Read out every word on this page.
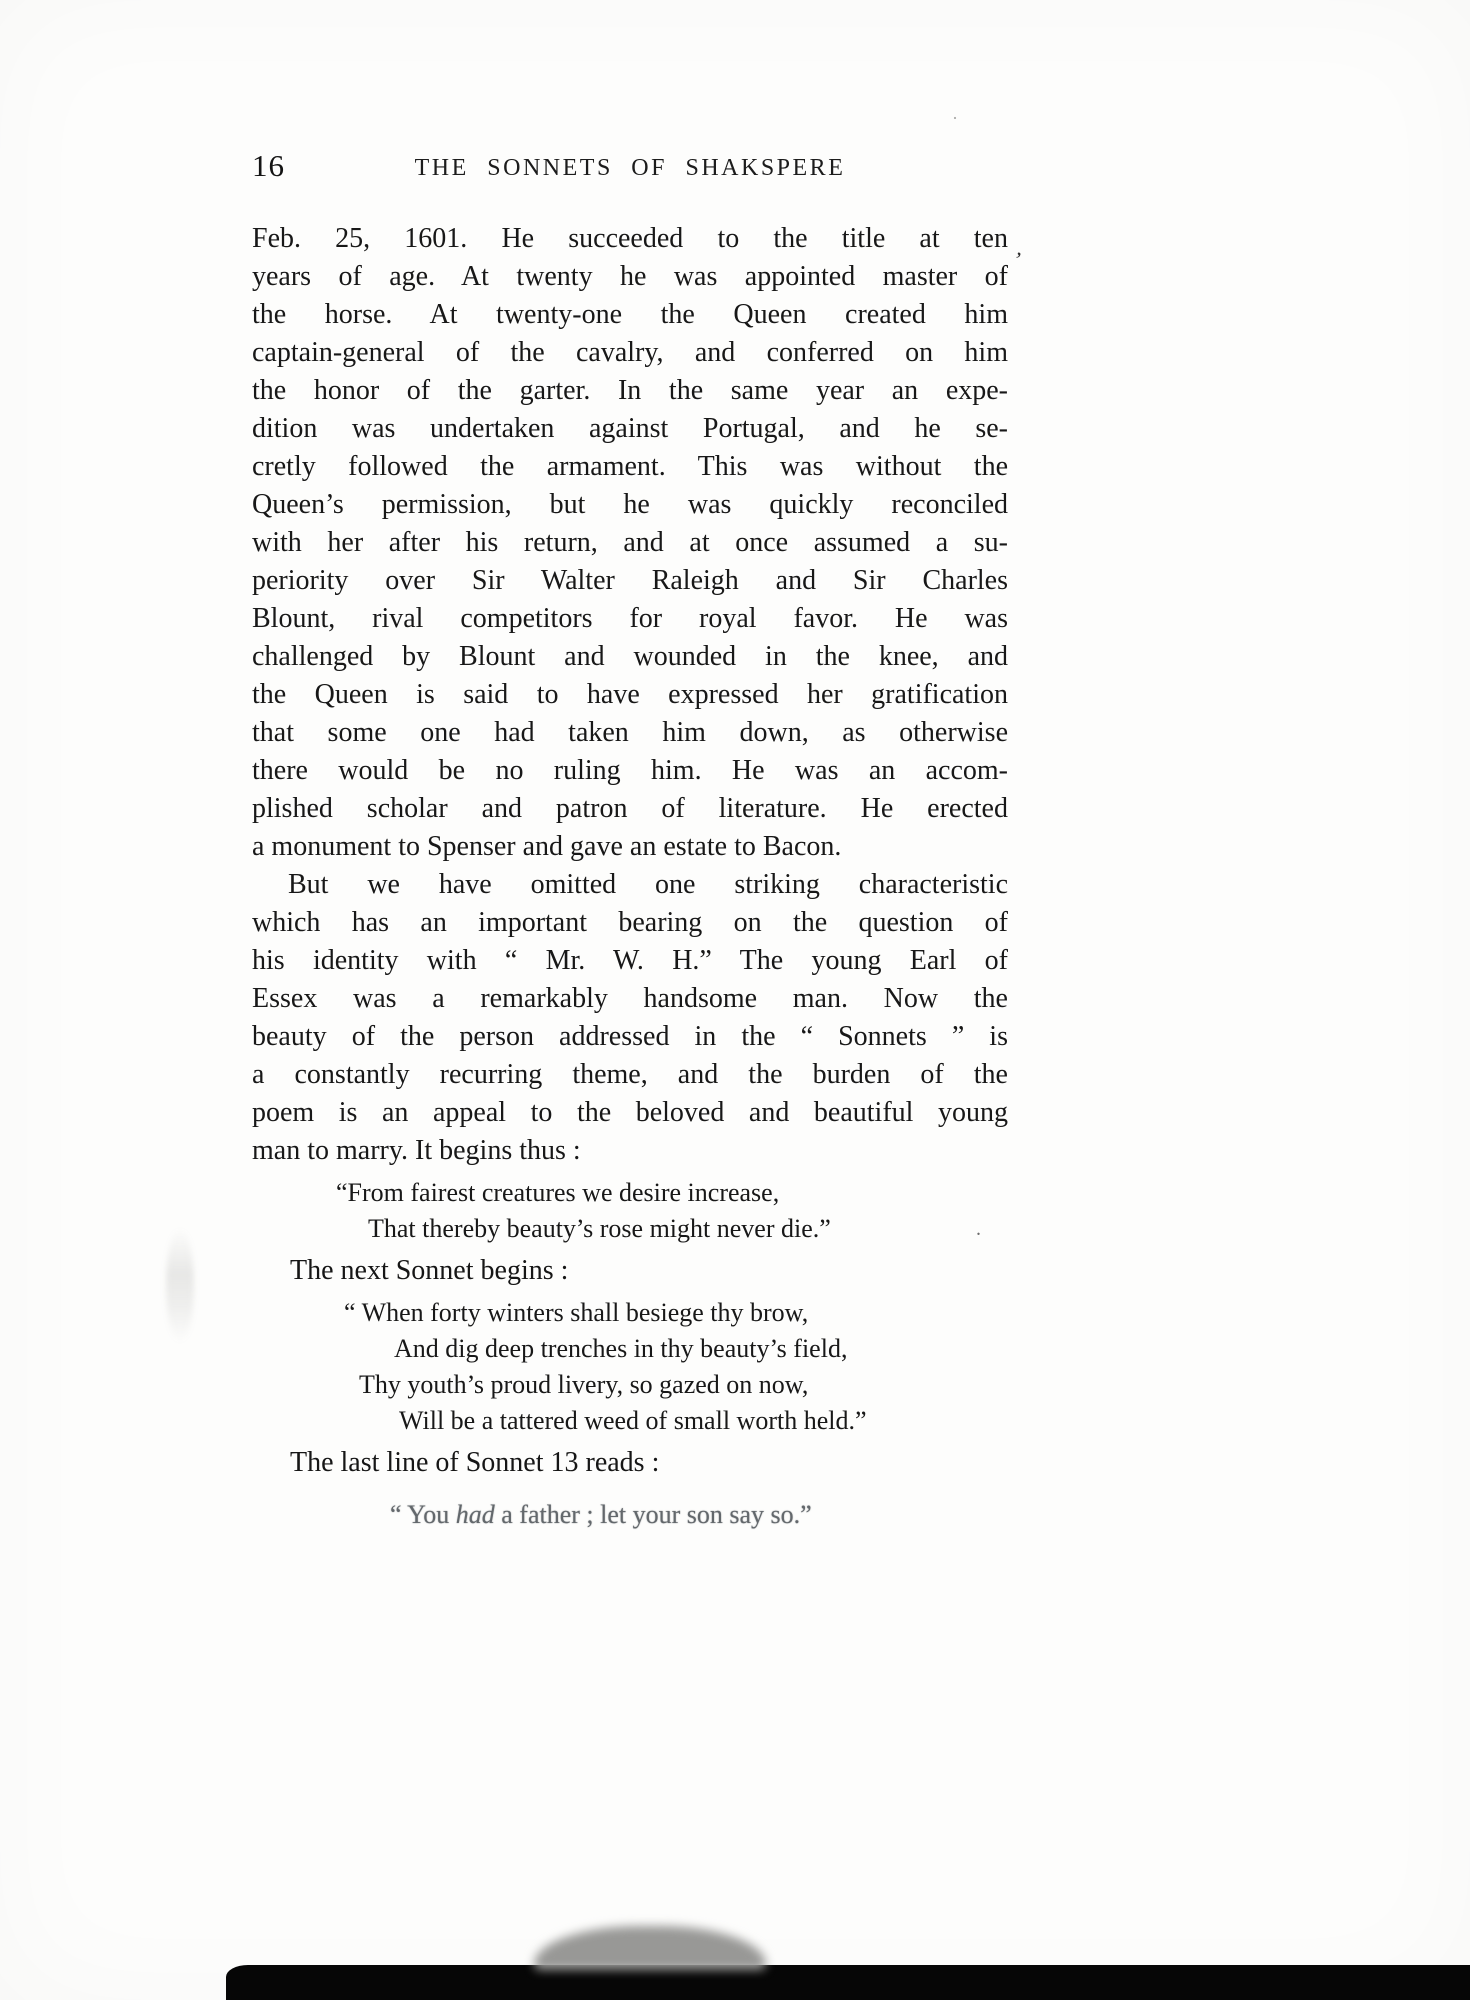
16	THE SONNETS OF SHAKSPERE
Feb. 25, 1601. He succeeded to the title at ten
years of age. At twenty he was appointed master of
the horse. At twenty-one the Queen created him
captain-general of the cavalry, and conferred on him
the honor of the garter. In the same year an expe-
dition was undertaken against Portugal, and he se-
cretly followed the armament. This was without the
Queen’s permission, but he was quickly reconciled
with her after his return, and at once assumed a su-
periority over Sir Walter Raleigh and Sir Charles
Blount, rival competitors for royal favor. He was
challenged by Blount and wounded in the knee, and
the Queen is said to have expressed her gratification
that some one had taken him down, as otherwise
there would be no ruling him. He was an accom-
plished scholar and patron of literature. He erected
a monument to Spenser and gave an estate to Bacon.
But we have omitted one striking characteristic
which has an important bearing on the question of
his identity with “ Mr. W. H.” The young Earl of
Essex was a remarkably handsome man. Now the
beauty of the person addressed in the “ Sonnets ” is
a constantly recurring theme, and the burden of the
poem is an appeal to the beloved and beautiful young
man to marry. It begins thus :
“From fairest creatures we desire increase,
That thereby beauty’s rose might never die.”
The next Sonnet begins :
“ When forty winters shall besiege thy brow,
And dig deep trenches in thy beauty’s field,
Thy youth’s proud livery, so gazed on now,
Will be a tattered weed of small worth held.”
The last line of Sonnet 13 reads :
“ You had a father ; let your son say so.”
ʼ
·
.
